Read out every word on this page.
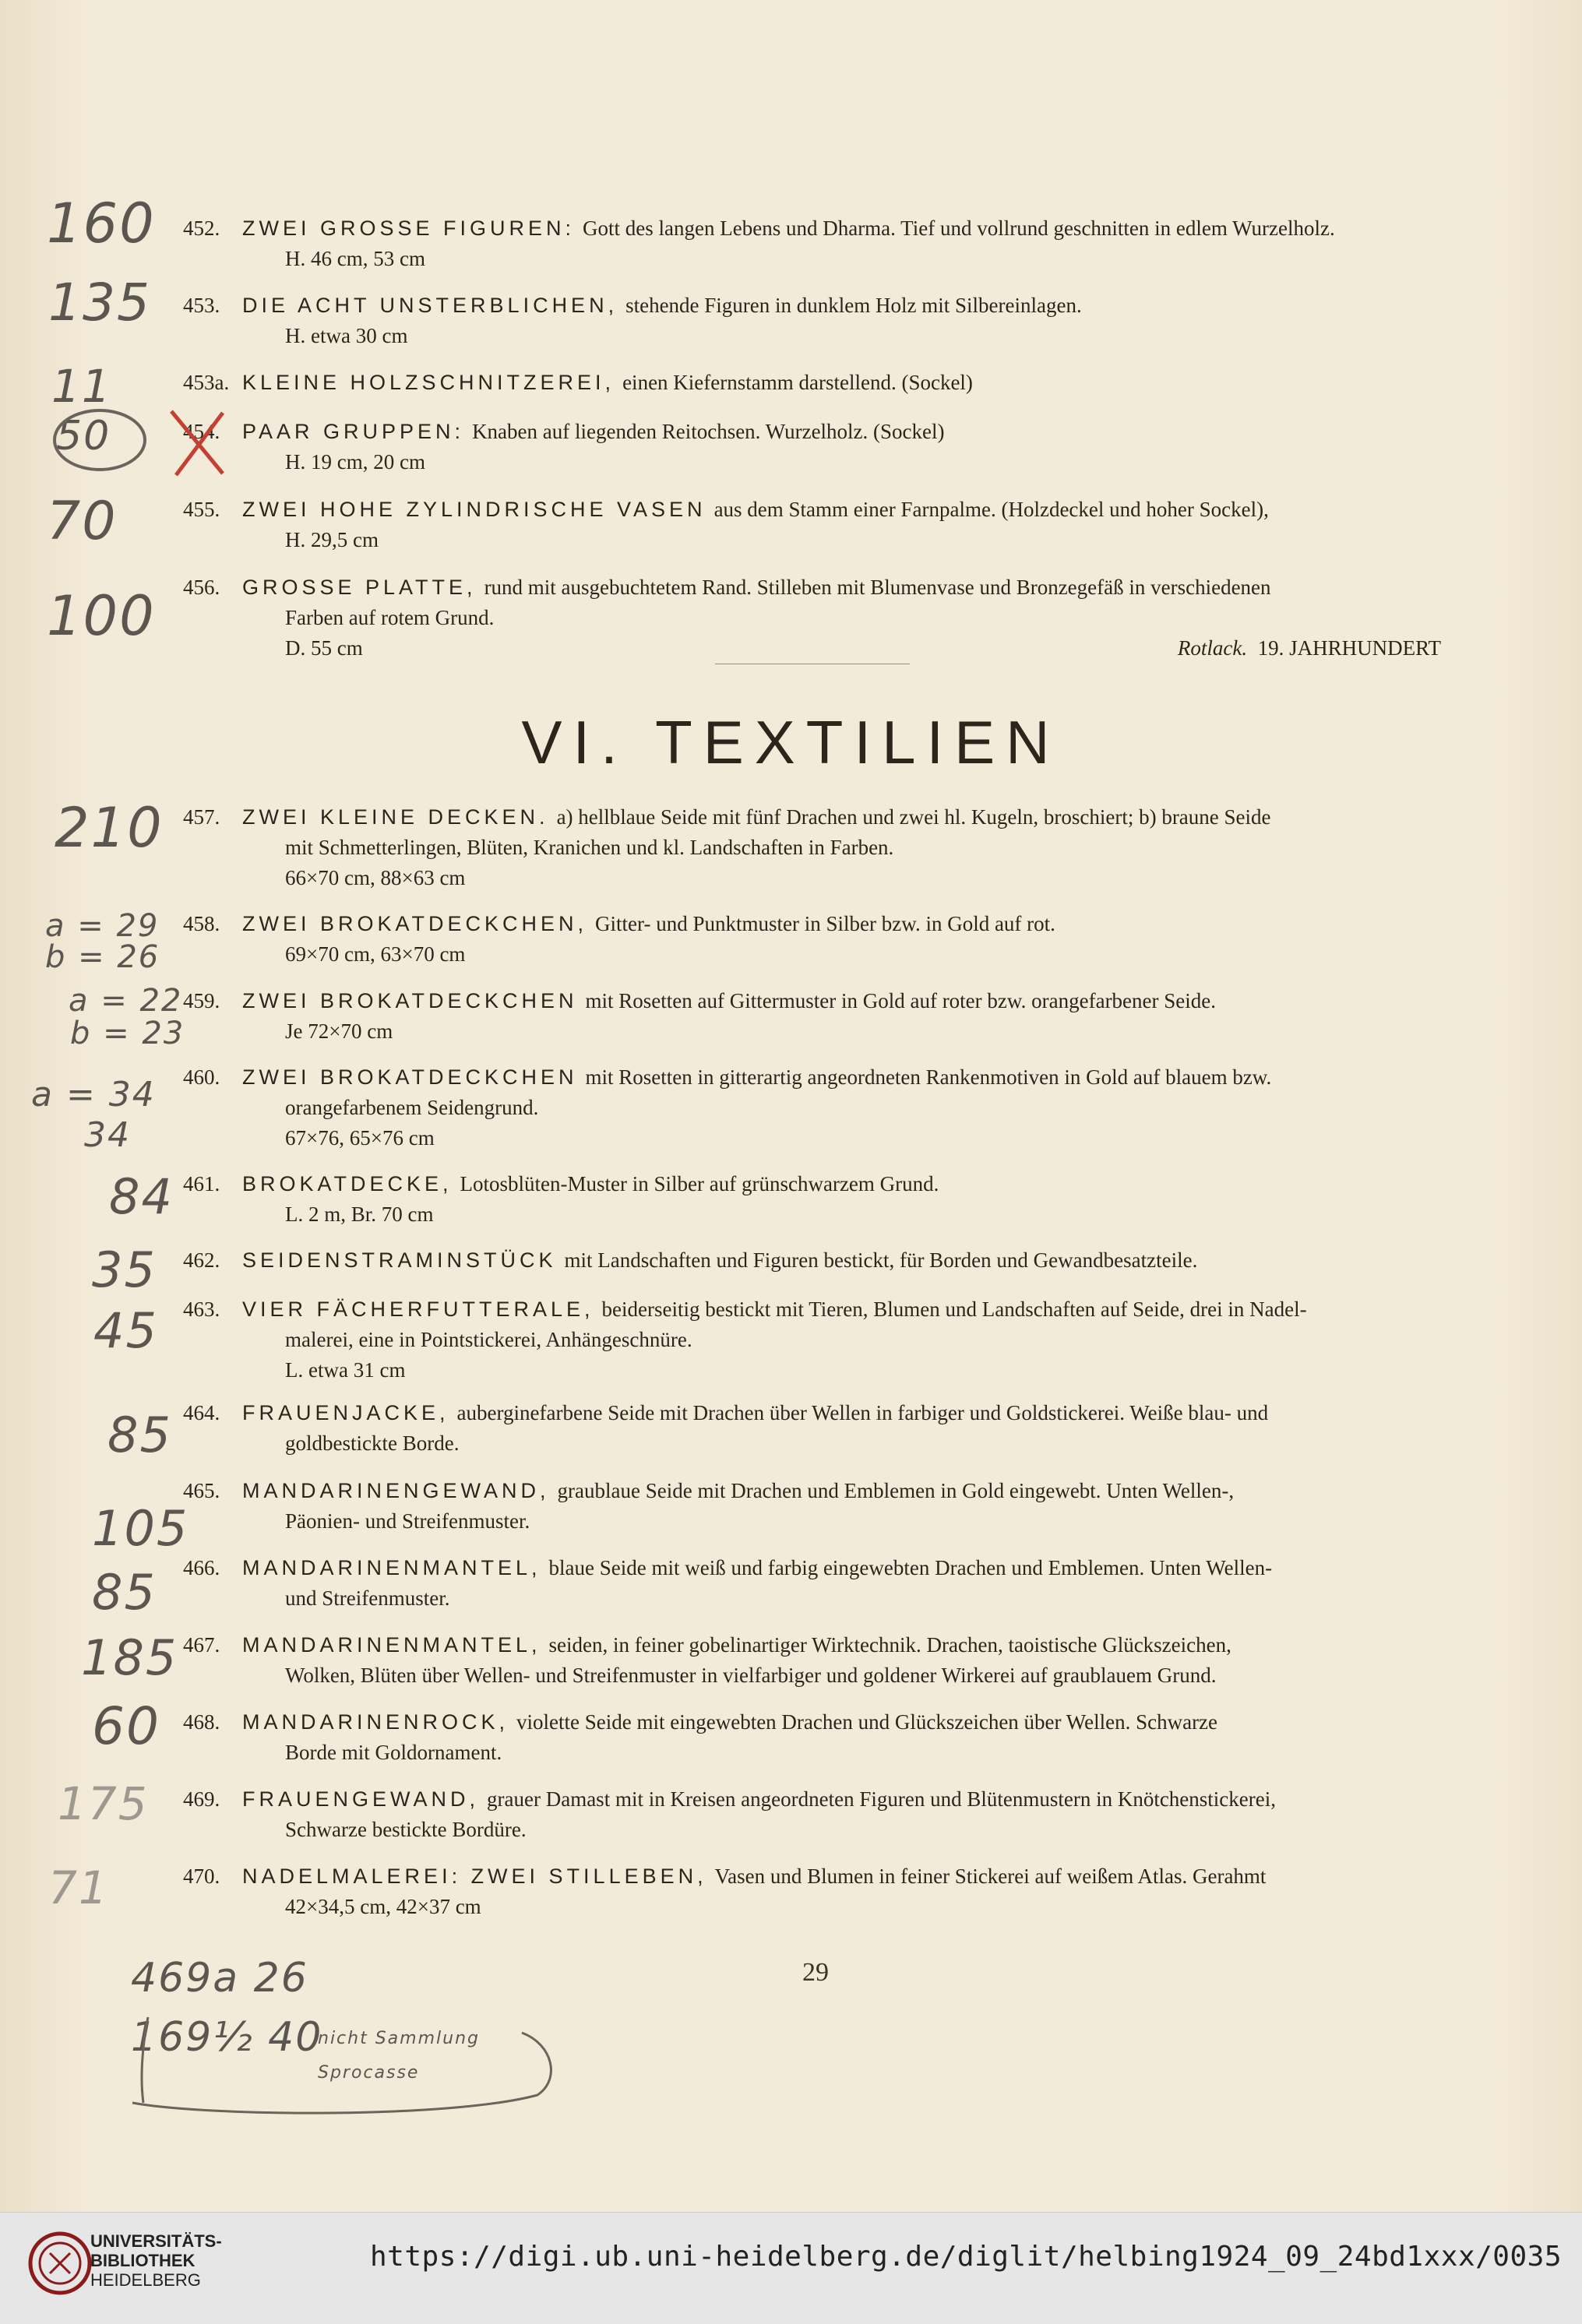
452.	ZWEI GROSSE FIGUREN: Gott des langen Lebens und Dharma. Tief und vollrund geschnitten in edlem Wurzelholz.
H. 46 cm, 53 cm
453.	DIE ACHT UNSTERBLICHEN, stehende Figuren in dunklem Holz mit Silbereinlagen.
H. etwa 30 cm
453a. KLEINE HOLZSCHNITZEREI, einen Kiefernstamm darstellend. (Sockel)
454.	PAAR GRUPPEN: Knaben auf liegenden Reitochsen. Wurzelholz. (Sockel)
H. 19 cm, 20 cm
455.	ZWEI HOHE ZYLINDRISCHE VASEN aus dem Stamm einer Farnpalme. (Holzdeckel und hoher Sockel),
H. 29,5 cm
456.	GROSSE PLATTE, rund mit ausgebuchtetem Rand. Stilleben mit Blumenvase und Bronzegefäß in verschiedenen
Farben auf rotem Grund.
D. 55 cm	Rotlack. 19. JAHRHUNDERT
VI. TEXTILIEN
457.	ZWEI KLEINE DECKEN. a) hellblaue Seide mit fünf Drachen und zwei hl. Kugeln, broschiert; b) braune Seide
mit Schmetterlingen, Blüten, Kranichen und kl. Landschaften in Farben.
66×70 cm, 88×63 cm
458.	ZWEI BROKATDECKCHEN, Gitter- und Punktmuster in Silber bzw. in Gold auf rot.
69×70 cm, 63×70 cm
459.	ZWEI BROKATDECKCHEN mit Rosetten auf Gittermuster in Gold auf roter bzw. orangefarbener Seide.
Je 72×70 cm
460.	ZWEI BROKATDECKCHEN mit Rosetten in gitterartig angeordneten Rankenmotiven in Gold auf blauem bzw.
orangefarbenem Seidengrund.
67×76, 65×76 cm
461.	BROKATDECKE, Lotosblüten-Muster in Silber auf grünschwarzem Grund.
L. 2 m, Br. 70 cm
462.	SEIDENSTRAMINSTÜCK mit Landschaften und Figuren bestickt, für Borden und Gewandbesatzteile.
463.	VIER FÄCHERFUTTERALE, beiderseitig bestickt mit Tieren, Blumen und Landschaften auf Seide, drei in Nadel-
malerei, eine in Pointstickerei, Anhängeschnüre.
L. etwa 31 cm
464.	FRAUENJACKE, auberginefarbene Seide mit Drachen über Wellen in farbiger und Goldstickerei. Weiße blau- und
goldbestickte Borde.
465.	MANDARINENGEWAND, graublaue Seide mit Drachen und Emblemen in Gold eingewebt. Unten Wellen-,
Päonien- und Streifenmuster.
466.	MANDARINENMANTEL, blaue Seide mit weiß und farbig eingewebten Drachen und Emblemen. Unten Wellen-
und Streifenmuster.
467.	MANDARINENMANTEL, seiden, in feiner gobelinartiger Wirktechnik. Drachen, taoistische Glückszeichen,
Wolken, Blüten über Wellen- und Streifenmuster in vielfarbiger und goldener Wirkerei auf graublauem Grund.
468.	MANDARINENROCK, violette Seide mit eingewebten Drachen und Glückszeichen über Wellen. Schwarze
Borde mit Goldornament.
469.	FRAUENGEWAND, grauer Damast mit in Kreisen angeordneten Figuren und Blütenmustern in Knötchenstickerei,
Schwarze bestickte Bordüre.
470.	NADELMALEREI: ZWEI STILLEBEN, Vasen und Blumen in feiner Stickerei auf weißem Atlas. Gerahmt
42×34,5 cm, 42×37 cm
29
160
135
11
50
70
100
210
a = 29
b = 26
a = 22
b = 23
a = 34
34
84
35
45
85
105
85
185
60
175
71
469a 26
169½ 40
nicht Sammlung Sprocasse
UNIVERSITÄTS-
BIBLIOTHEK
HEIDELBERG
https://digi.ub.uni-heidelberg.de/diglit/helbing1924_09_24bd1xxx/0035
